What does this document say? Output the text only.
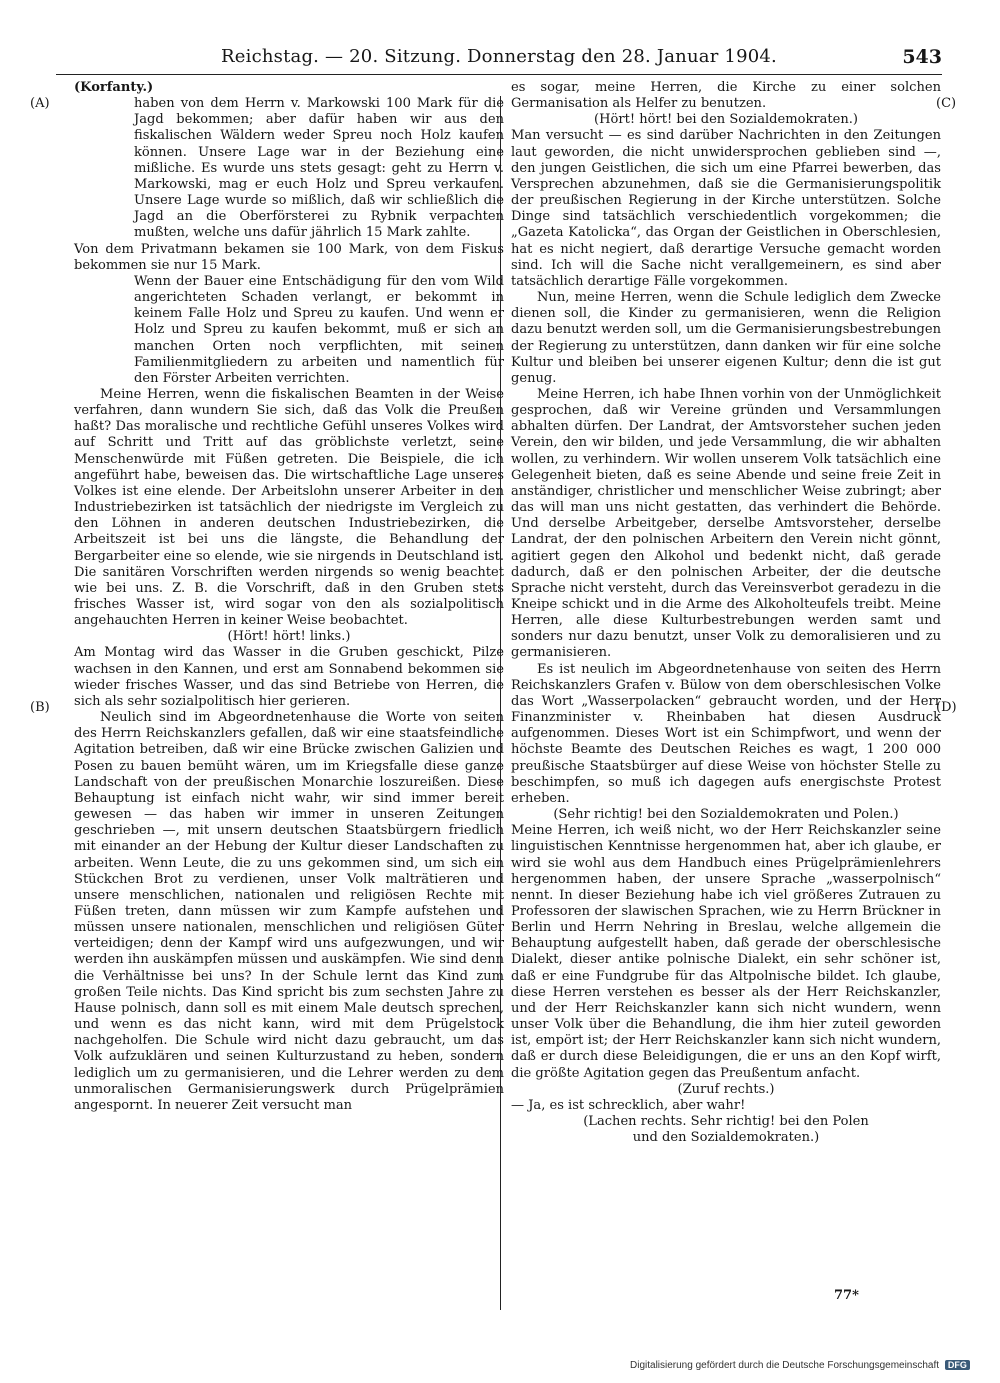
Reichstag. — 20. Sitzung. Donnerstag den 28. Januar 1904.	543
(A)
(B)
(C)
(D)

(Korfanty.)

haben von dem Herrn v. Markowski 100 Mark für die Jagd bekommen; aber dafür haben wir aus den fiskalischen Wäldern weder Spreu noch Holz kaufen können. Unsere Lage war in der Beziehung eine mißliche. Es wurde uns stets gesagt: geht zu Herrn v. Markowski, mag er euch Holz und Spreu verkaufen. Unsere Lage wurde so mißlich, daß wir schließlich die Jagd an die Oberförsterei zu Rybnik verpachten mußten, welche uns dafür jährlich 15 Mark zahlte.

Von dem Privatmann bekamen sie 100 Mark, von dem Fiskus bekommen sie nur 15 Mark.

Wenn der Bauer eine Entschädigung für den vom Wild angerichteten Schaden verlangt, er bekommt in keinem Falle Holz und Spreu zu kaufen. Und wenn er Holz und Spreu zu kaufen bekommt, muß er sich an manchen Orten noch verpflichten, mit seinen Familienmitgliedern zu arbeiten und namentlich für den Förster Arbeiten verrichten.

Meine Herren, wenn die fiskalischen Beamten in der Weise verfahren, dann wundern Sie sich, daß das Volk die Preußen haßt? Das moralische und rechtliche Gefühl unseres Volkes wird auf Schritt und Tritt auf das gröblichste verletzt, seine Menschenwürde mit Füßen getreten. Die Beispiele, die ich angeführt habe, beweisen das. Die wirtschaftliche Lage unseres Volkes ist eine elende. Der Arbeitslohn unserer Arbeiter in den Industriebezirken ist tatsächlich der niedrigste im Vergleich zu den Löhnen in anderen deutschen Industriebezirken, die Arbeitszeit ist bei uns die längste, die Behandlung der Bergarbeiter eine so elende, wie sie nirgends in Deutschland ist. Die sanitären Vorschriften werden nirgends so wenig beachtet wie bei uns. Z. B. die Vorschrift, daß in den Gruben stets frisches Wasser ist, wird sogar von den als sozialpolitisch angehauchten Herren in keiner Weise beobachtet.

(Hört! hört! links.)

Am Montag wird das Wasser in die Gruben geschickt, Pilze wachsen in den Kannen, und erst am Sonnabend bekommen sie wieder frisches Wasser, und das sind Betriebe von Herren, die sich als sehr sozialpolitisch hier gerieren.

Neulich sind im Abgeordnetenhause die Worte von seiten des Herrn Reichskanzlers gefallen, daß wir eine staatsfeindliche Agitation betreiben, daß wir eine Brücke zwischen Galizien und Posen zu bauen bemüht wären, um im Kriegsfalle diese ganze Landschaft von der preußischen Monarchie loszureißen. Diese Behauptung ist einfach nicht wahr, wir sind immer bereit gewesen — das haben wir immer in unseren Zeitungen geschrieben —, mit unsern deutschen Staatsbürgern friedlich mit einander an der Hebung der Kultur dieser Landschaften zu arbeiten. Wenn Leute, die zu uns gekommen sind, um sich ein Stückchen Brot zu verdienen, unser Volk malträtieren und unsere menschlichen, nationalen und religiösen Rechte mit Füßen treten, dann müssen wir zum Kampfe aufstehen und müssen unsere nationalen, menschlichen und religiösen Güter verteidigen; denn der Kampf wird uns aufgezwungen, und wir werden ihn auskämpfen müssen und auskämpfen. Wie sind denn die Verhältnisse bei uns? In der Schule lernt das Kind zum großen Teile nichts. Das Kind spricht bis zum sechsten Jahre zu Hause polnisch, dann soll es mit einem Male deutsch sprechen, und wenn es das nicht kann, wird mit dem Prügelstock nachgeholfen. Die Schule wird nicht dazu gebraucht, um das Volk aufzuklären und seinen Kulturzustand zu heben, sondern lediglich um zu germanisieren, und die Lehrer werden zu dem unmoralischen Germanisierungswerk durch Prügelprämien angespornt. In neuerer Zeit versucht man

es sogar, meine Herren, die Kirche zu einer solchen Germanisation als Helfer zu benutzen.

(Hört! hört! bei den Sozialdemokraten.)

Man versucht — es sind darüber Nachrichten in den Zeitungen laut geworden, die nicht unwidersprochen geblieben sind —, den jungen Geistlichen, die sich um eine Pfarrei bewerben, das Versprechen abzunehmen, daß sie die Germanisierungspolitik der preußischen Regierung in der Kirche unterstützen. Solche Dinge sind tatsächlich verschiedentlich vorgekommen; die „Gazeta Katolicka“, das Organ der Geistlichen in Oberschlesien, hat es nicht negiert, daß derartige Versuche gemacht worden sind. Ich will die Sache nicht verallgemeinern, es sind aber tatsächlich derartige Fälle vorgekommen.

Nun, meine Herren, wenn die Schule lediglich dem Zwecke dienen soll, die Kinder zu germanisieren, wenn die Religion dazu benutzt werden soll, um die Germanisierungsbestrebungen der Regierung zu unterstützen, dann danken wir für eine solche Kultur und bleiben bei unserer eigenen Kultur; denn die ist gut genug.

Meine Herren, ich habe Ihnen vorhin von der Unmöglichkeit gesprochen, daß wir Vereine gründen und Versammlungen abhalten dürfen. Der Landrat, der Amtsvorsteher suchen jeden Verein, den wir bilden, und jede Versammlung, die wir abhalten wollen, zu verhindern. Wir wollen unserem Volk tatsächlich eine Gelegenheit bieten, daß es seine Abende und seine freie Zeit in anständiger, christlicher und menschlicher Weise zubringt; aber das will man uns nicht gestatten, das verhindert die Behörde. Und derselbe Arbeitgeber, derselbe Amtsvorsteher, derselbe Landrat, der den polnischen Arbeitern den Verein nicht gönnt, agitiert gegen den Alkohol und bedenkt nicht, daß gerade dadurch, daß er den polnischen Arbeiter, der die deutsche Sprache nicht versteht, durch das Vereinsverbot geradezu in die Kneipe schickt und in die Arme des Alkoholteufels treibt. Meine Herren, alle diese Kulturbestrebungen werden samt und sonders nur dazu benutzt, unser Volk zu demoralisieren und zu germanisieren.

Es ist neulich im Abgeordnetenhause von seiten des Herrn Reichskanzlers Grafen v. Bülow von dem oberschlesischen Volke das Wort „Wasserpolacken“ gebraucht worden, und der Herr Finanzminister v. Rheinbaben hat diesen Ausdruck aufgenommen. Dieses Wort ist ein Schimpfwort, und wenn der höchste Beamte des Deutschen Reiches es wagt, 1 200 000 preußische Staatsbürger auf diese Weise von höchster Stelle zu beschimpfen, so muß ich dagegen aufs energischste Protest erheben.

(Sehr richtig! bei den Sozialdemokraten und Polen.)

Meine Herren, ich weiß nicht, wo der Herr Reichskanzler seine linguistischen Kenntnisse hergenommen hat, aber ich glaube, er wird sie wohl aus dem Handbuch eines Prügelprämienlehrers hergenommen haben, der unsere Sprache „wasserpolnisch“ nennt. In dieser Beziehung habe ich viel größeres Zutrauen zu Professoren der slawischen Sprachen, wie zu Herrn Brückner in Berlin und Herrn Nehring in Breslau, welche allgemein die Behauptung aufgestellt haben, daß gerade der oberschlesische Dialekt, dieser antike polnische Dialekt, ein sehr schöner ist, daß er eine Fundgrube für das Altpolnische bildet. Ich glaube, diese Herren verstehen es besser als der Herr Reichskanzler, und der Herr Reichskanzler kann sich nicht wundern, wenn unser Volk über die Behandlung, die ihm hier zuteil geworden ist, empört ist; der Herr Reichskanzler kann sich nicht wundern, daß er durch diese Beleidigungen, die er uns an den Kopf wirft, die größte Agitation gegen das Preußentum anfacht.

(Zuruf rechts.)

— Ja, es ist schrecklich, aber wahr!

(Lachen rechts. Sehr richtig! bei den Polen

und den Sozialdemokraten.)

77*
Digitalisierung gefördert durch die Deutsche Forschungsgemeinschaft DFG
